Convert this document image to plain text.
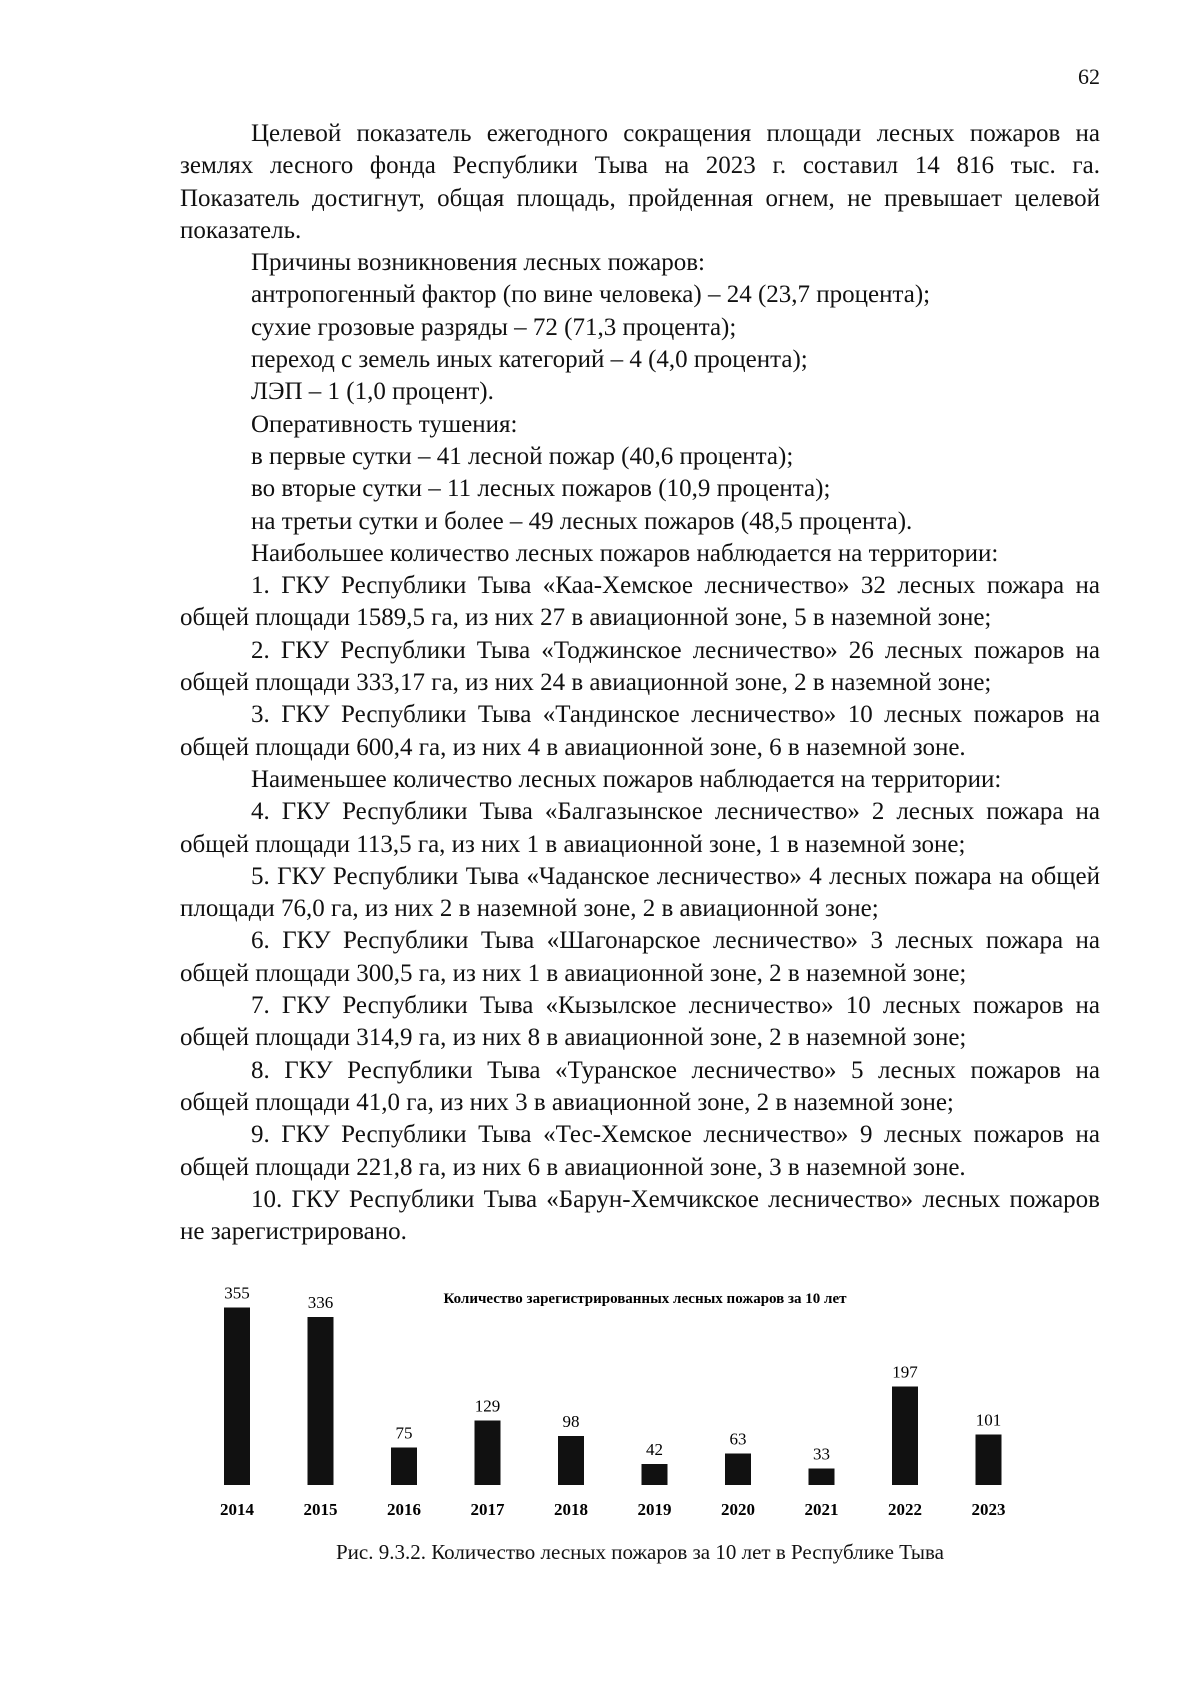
62

Целевой показатель ежегодного сокращения площади лесных пожаров на землях лесного фонда Республики Тыва на 2023 г. составил 14 816 тыс. га. Показатель достигнут, общая площадь, пройденная огнем, не превышает целевой показатель.

Причины возникновения лесных пожаров:

антропогенный фактор (по вине человека) – 24 (23,7 процента);

сухие грозовые разряды – 72 (71,3 процента);

переход с земель иных категорий – 4 (4,0 процента);

ЛЭП – 1 (1,0 процент).

Оперативность тушения:

в первые сутки – 41 лесной пожар (40,6 процента);

во вторые сутки – 11 лесных пожаров (10,9 процента);

на третьи сутки и более – 49 лесных пожаров (48,5 процента).

Наибольшее количество лесных пожаров наблюдается на территории:

1. ГКУ Республики Тыва «Каа-Хемское лесничество» 32 лесных пожара на общей площади 1589,5 га, из них 27 в авиационной зоне, 5 в наземной зоне;

2. ГКУ Республики Тыва «Тоджинское лесничество» 26 лесных пожаров на общей площади 333,17 га, из них 24 в авиационной зоне, 2 в наземной зоне;

3. ГКУ Республики Тыва «Тандинское лесничество» 10 лесных пожаров на общей площади 600,4 га, из них 4 в авиационной зоне, 6 в наземной зоне.

Наименьшее количество лесных пожаров наблюдается на территории:

4. ГКУ Республики Тыва «Балгазынское лесничество» 2 лесных пожара на общей площади 113,5 га, из них 1 в авиационной зоне, 1 в наземной зоне;

5. ГКУ Республики Тыва «Чаданское лесничество» 4 лесных пожара на общей площади 76,0 га, из них 2 в наземной зоне, 2 в авиационной зоне;

6. ГКУ Республики Тыва «Шагонарское лесничество» 3 лесных пожара на общей площади 300,5 га, из них 1 в авиационной зоне, 2 в наземной зоне;

7. ГКУ Республики Тыва «Кызылское лесничество» 10 лесных пожаров на общей площади 314,9 га, из них 8 в авиационной зоне, 2 в наземной зоне;

8. ГКУ Республики Тыва «Туранское лесничество» 5 лесных пожаров на общей площади 41,0 га, из них 3 в авиационной зоне, 2 в наземной зоне;

9. ГКУ Республики Тыва «Тес-Хемское лесничество» 9 лесных пожаров на общей площади 221,8 га, из них 6 в авиационной зоне, 3 в наземной зоне.

10. ГКУ Республики Тыва «Барун-Хемчикское лесничество» лесных пожаров не зарегистрировано.

Количество зарегистрированных лесных пожаров за 10 лет
355
2014
336
2015
75
2016
129
2017
98
2018
42
2019
63
2020
33
2021
197
2022
101
2023
Рис. 9.3.2. Количество лесных пожаров за 10 лет в Республике Тыва
